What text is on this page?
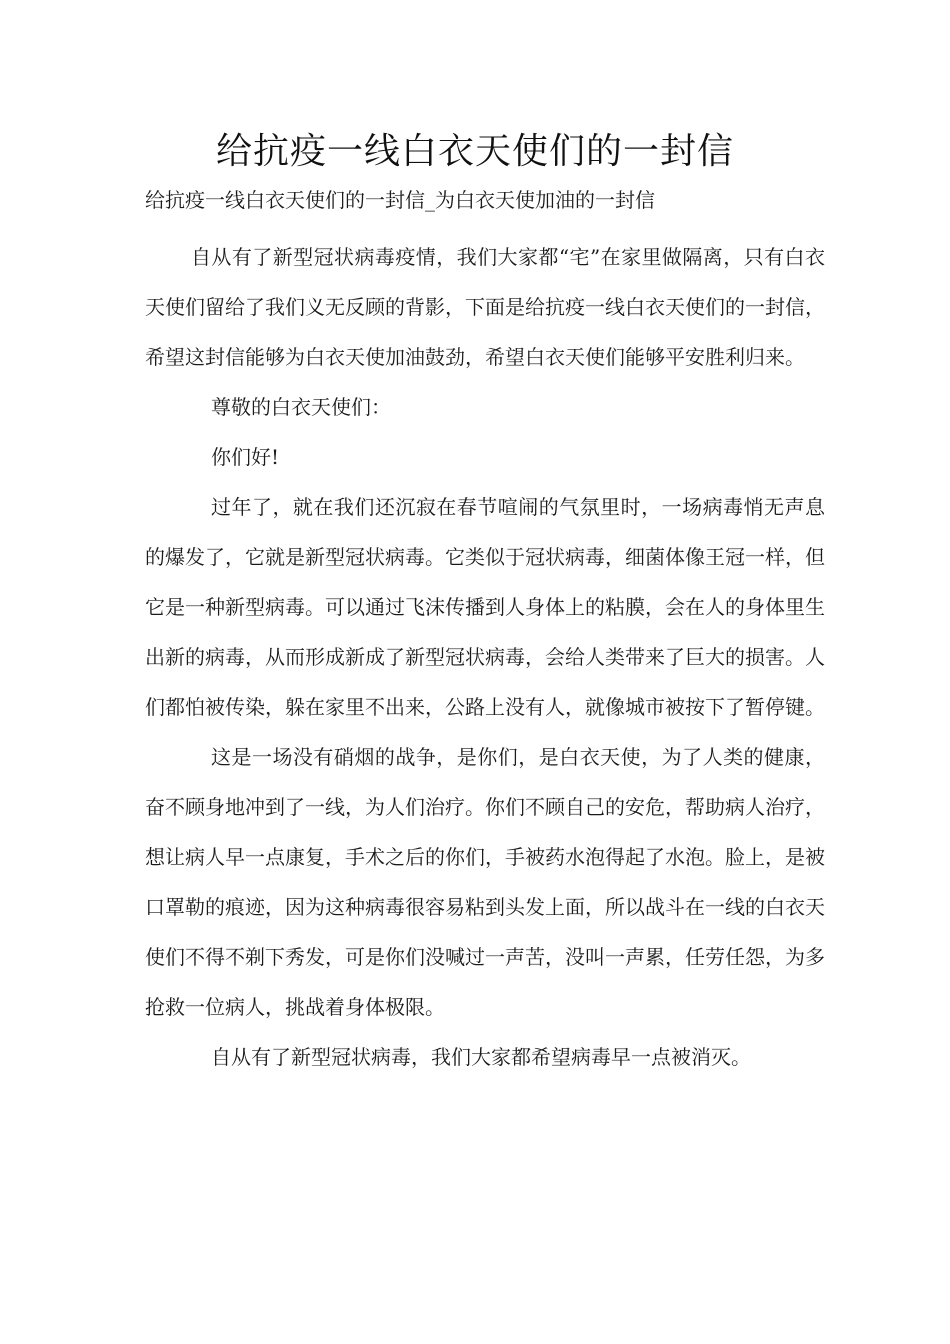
给抗疫一线白衣天使们的一封信
给抗疫一线白衣天使们的一封信_为白衣天使加油的一封信

自从有了新型冠状病毒疫情，我们大家都“宅”在家里做隔离，只有白衣天使们留给了我们义无反顾的背影，下面是给抗疫一线白衣天使们的一封信，希望这封信能够为白衣天使加油鼓劲，希望白衣天使们能够平安胜利归来。

尊敬的白衣天使们：

你们好!

过年了，就在我们还沉寂在春节喧闹的气氛里时，一场病毒悄无声息的爆发了，它就是新型冠状病毒。它类似于冠状病毒，细菌体像王冠一样，但它是一种新型病毒。可以通过飞沫传播到人身体上的粘膜，会在人的身体里生出新的病毒，从而形成新成了新型冠状病毒，会给人类带来了巨大的损害。人们都怕被传染，躲在家里不出来，公路上没有人，就像城市被按下了暂停键。

这是一场没有硝烟的战争，是你们，是白衣天使，为了人类的健康，奋不顾身地冲到了一线，为人们治疗。你们不顾自己的安危，帮助病人治疗，想让病人早一点康复，手术之后的你们，手被药水泡得起了水泡。脸上，是被口罩勒的痕迹，因为这种病毒很容易粘到头发上面，所以战斗在一线的白衣天使们不得不剃下秀发，可是你们没喊过一声苦，没叫一声累，任劳任怨，为多抢救一位病人，挑战着身体极限。

自从有了新型冠状病毒，我们大家都希望病毒早一点被消灭。
